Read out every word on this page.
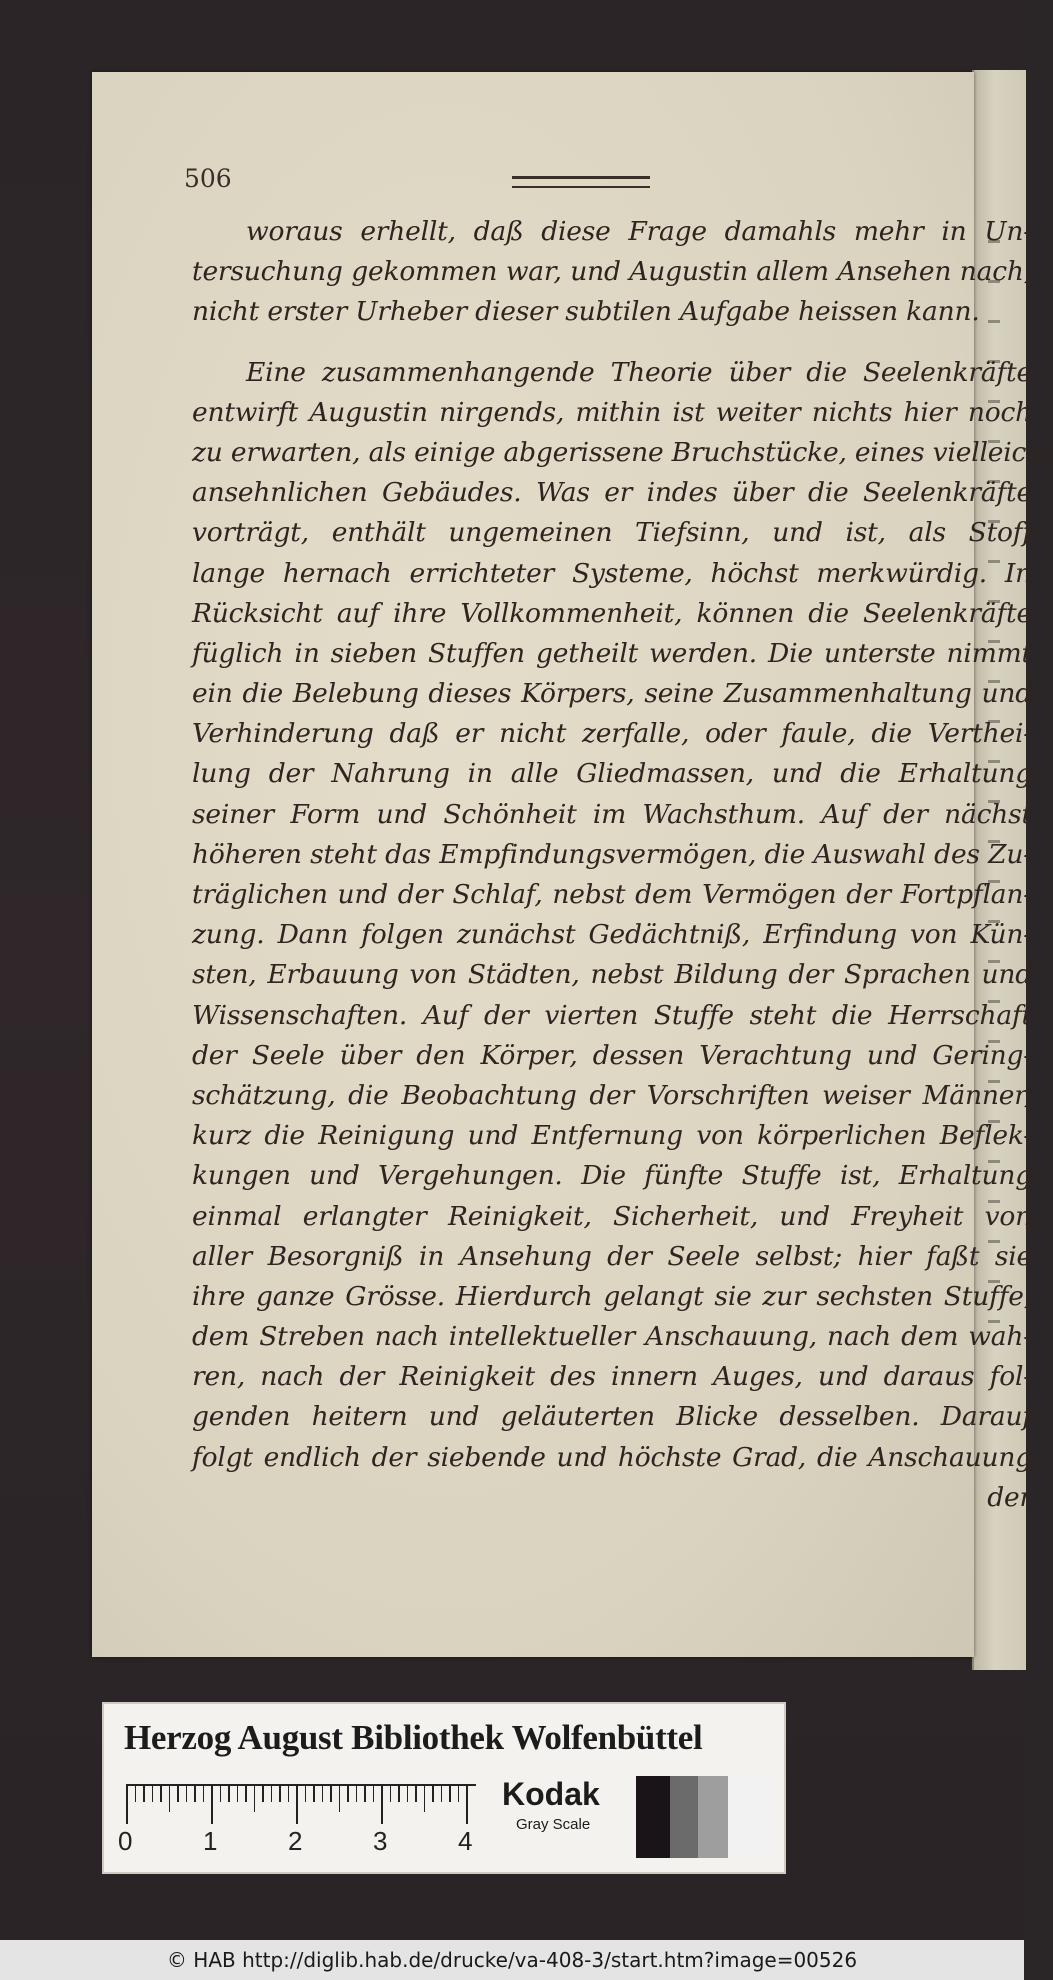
506
woraus erhellt, daß diese Frage damahls mehr in Un-
tersuchung gekommen war, und Augustin allem Ansehen nach,
nicht erster Urheber dieser subtilen Aufgabe heissen kann.
Eine zusammenhangende Theorie über die Seelenkräfte
entwirft Augustin nirgends, mithin ist weiter nichts hier noch
zu erwarten, als einige abgerissene Bruchstücke, eines vielleicht
ansehnlichen Gebäudes. Was er indes über die Seelenkräfte
vorträgt, enthält ungemeinen Tiefsinn, und ist, als Stoff
lange hernach errichteter Systeme, höchst merkwürdig. In
Rücksicht auf ihre Vollkommenheit, können die Seelenkräfte
füglich in sieben Stuffen getheilt werden. Die unterste nimmt
ein die Belebung dieses Körpers, seine Zusammenhaltung und
Verhinderung daß er nicht zerfalle, oder faule, die Verthei-
lung der Nahrung in alle Gliedmassen, und die Erhaltung
seiner Form und Schönheit im Wachsthum. Auf der nächst
höheren steht das Empfindungsvermögen, die Auswahl des Zu-
träglichen und der Schlaf, nebst dem Vermögen der Fortpflan-
zung. Dann folgen zunächst Gedächtniß, Erfindung von Kün-
sten, Erbauung von Städten, nebst Bildung der Sprachen und
Wissenschaften. Auf der vierten Stuffe steht die Herrschaft
der Seele über den Körper, dessen Verachtung und Gering-
schätzung, die Beobachtung der Vorschriften weiser Männer,
kurz die Reinigung und Entfernung von körperlichen Beflek-
kungen und Vergehungen. Die fünfte Stuffe ist, Erhaltung
einmal erlangter Reinigkeit, Sicherheit, und Freyheit von
aller Besorgniß in Ansehung der Seele selbst; hier faßt sie
ihre ganze Grösse. Hierdurch gelangt sie zur sechsten Stuffe,
dem Streben nach intellektueller Anschauung, nach dem wah-
ren, nach der Reinigkeit des innern Auges, und daraus fol-
genden heitern und geläuterten Blicke desselben. Darauf
folgt endlich der siebende und höchste Grad, die Anschauung
der
Herzog August Bibliothek Wolfenbüttel
Kodak
Gray Scale
0	1	2	3	4
© HAB http://diglib.hab.de/drucke/va-408-3/start.htm?image=00526
